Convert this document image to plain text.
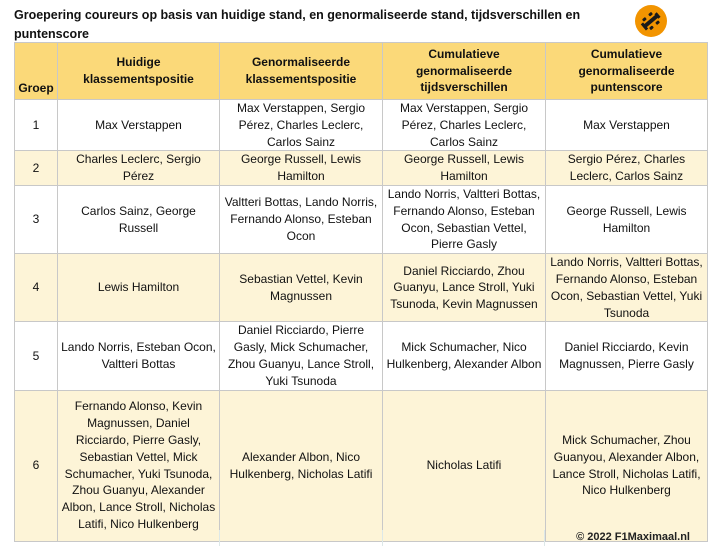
Groepering coureurs op basis van huidige stand, en genormaliseerde stand, tijdsverschillen en puntenscore
Groep	Huidige klassementspositie	Genormaliseerde klassementspositie	Cumulatieve genormaliseerde tijdsverschillen	Cumulatieve genormaliseerde puntenscore
1	Max Verstappen	Max Verstappen, Sergio Pérez, Charles Leclerc, Carlos Sainz	Max Verstappen, Sergio Pérez, Charles Leclerc, Carlos Sainz	Max Verstappen
2	Charles Leclerc, Sergio Pérez	George Russell, Lewis Hamilton	George Russell, Lewis Hamilton	Sergio Pérez, Charles Leclerc, Carlos Sainz
3	Carlos Sainz, George Russell	Valtteri Bottas, Lando Norris, Fernando Alonso, Esteban Ocon	Lando Norris, Valtteri Bottas, Fernando Alonso, Esteban Ocon, Sebastian Vettel, Pierre Gasly	George Russell, Lewis Hamilton
4	Lewis Hamilton	Sebastian Vettel, Kevin Magnussen	Daniel Ricciardo, Zhou Guanyu, Lance Stroll, Yuki Tsunoda, Kevin Magnussen	Lando Norris, Valtteri Bottas, Fernando Alonso, Esteban Ocon, Sebastian Vettel, Yuki Tsunoda
5	Lando Norris, Esteban Ocon, Valtteri Bottas	Daniel Ricciardo, Pierre Gasly, Mick Schumacher, Zhou Guanyu, Lance Stroll, Yuki Tsunoda	Mick Schumacher, Nico Hulkenberg, Alexander Albon	Daniel Ricciardo, Kevin Magnussen, Pierre Gasly
6	Fernando Alonso, Kevin Magnussen, Daniel Ricciardo, Pierre Gasly, Sebastian Vettel, Mick Schumacher, Yuki Tsunoda, Zhou Guanyu, Alexander Albon, Lance Stroll, Nicholas Latifi, Nico Hulkenberg	Alexander Albon, Nico Hulkenberg, Nicholas Latifi	Nicholas Latifi	Mick Schumacher, Zhou Guanyou, Alexander Albon, Lance Stroll, Nicholas Latifi, Nico Hulkenberg
© 2022 F1Maximaal.nl
